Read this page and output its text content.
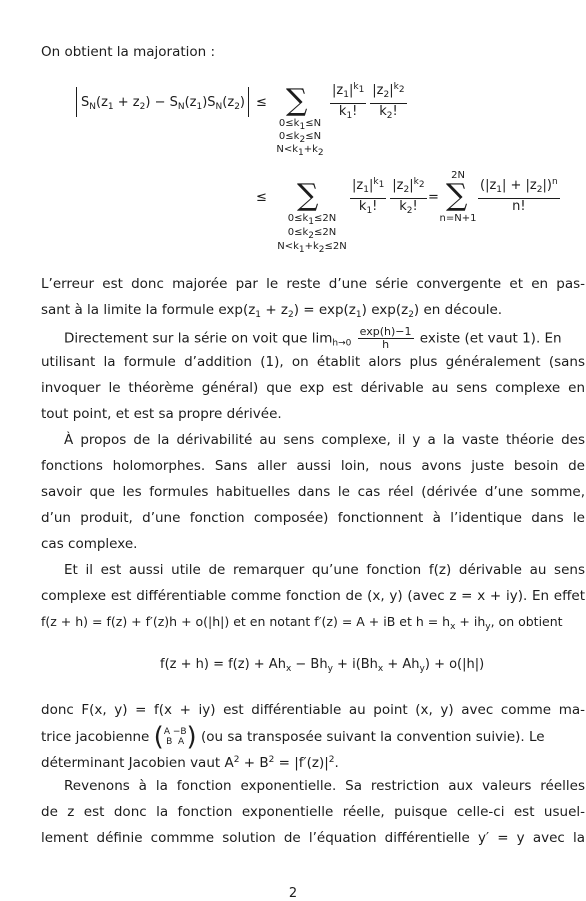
On obtient la majoration :
$S_N(z_1 + z_2) - S_N(z_1)S_N(z_2)$ ≤ ∑
$0\le k_1\le N$
$0\le k_2\le N$
$N<k_1+k_2$
$\frac{|z_1|^{k_1}}{k_1!} \frac{|z_2|^{k_2}}{k_2!}$
≤ ∑
$0\le k_1\le 2N$
$0\le k_2\le 2N$
$N<k_1+k_2\le 2N$
$\frac{|z_1|^{k_1}}{k_1!} \frac{|z_2|^{k_2}}{k_2!}$ =
2N
∑
n=N+1
$\frac{(|z_1| + |z_2|)^n}{n!}$
L’erreur est donc majorée par le reste d’une série convergente et en pas-
sant à la limite la formule $\exp(z_1 + z_2) = \exp(z_1)$ $\exp(z_2)$ en découle.
Directement sur la série on voit que $\lim_{h\to 0} \frac{\exp(h)-1}{h}$ existe (et vaut 1). En
utilisant la formule d’addition (1), on établit alors plus généralement (sans
invoquer le théorème général) que exp est dérivable au sens complexe en
tout point, et est sa propre dérivée.
À propos de la dérivabilité au sens complexe, il y a la vaste théorie des
fonctions holomorphes. Sans aller aussi loin, nous avons juste besoin de
savoir que les formules habituelles dans le cas réel (dérivée d’une somme,
d’un produit, d’une fonction composée) fonctionnent à l’identique dans le
cas complexe.
Et il est aussi utile de remarquer qu’une fonction f(z) dérivable au sens
complexe est différentiable comme fonction de (x, y) (avec z = x + iy). En effet
f(z + h) = f(z) + f′(z)h + o(|h|) et en notant f′(z) = A + iB et $h = h_x + ih_y$, on obtient
$f(z + h) = f(z) + Ah_x - Bh_y + i(Bh_x + Ah_y) + o(|h|)$
donc F(x, y) = f(x + iy) est différentiable au point (x, y) avec comme ma-
trice jacobienne (A −B
B  A) (ou sa transposée suivant la convention suivie). Le
déterminant Jacobien vaut $A^2 + B^2 = |f'(z)|^2$.
Revenons à la fonction exponentielle. Sa restriction aux valeurs réelles
de z est donc la fonction exponentielle réelle, puisque celle-ci est usuel-
lement définie commme solution de l’équation différentielle y′ = y avec la
2
